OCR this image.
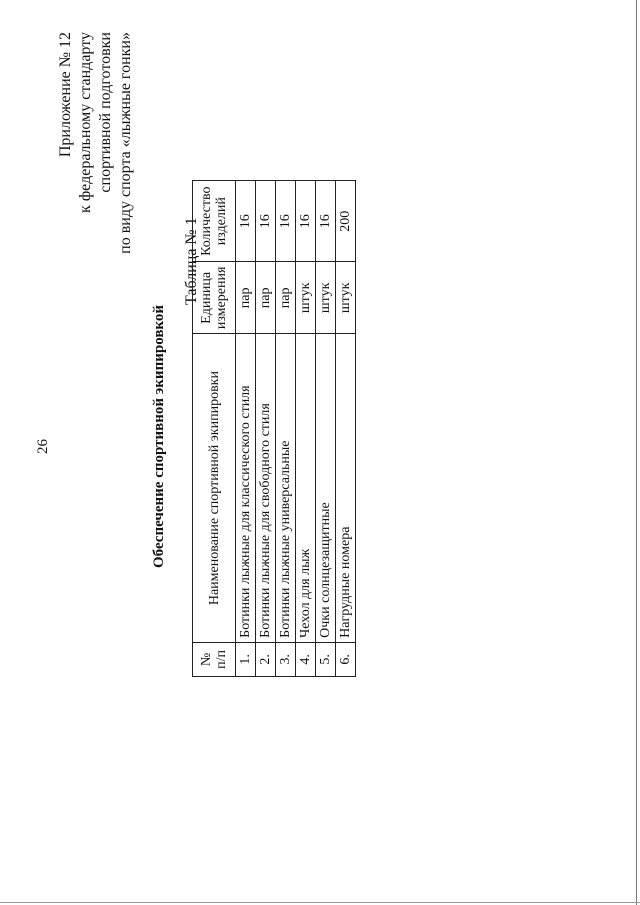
26
Приложение № 12 к федеральному стандарту спортивной подготовки по виду спорта «лыжные гонки»
Обеспечение спортивной экипировкой
Таблица № 1
№ п/п	Наименование спортивной экипировки	Единица измерения	Количество изделий

1.	Ботинки лыжные для классического стиля	пар	16
2.	Ботинки лыжные для свободного стиля	пар	16
3.	Ботинки лыжные универсальные	пар	16
4.	Чехол для лыж	штук	16
5.	Очки солнцезащитные	штук	16
6.	Нагрудные номера	штук	200
